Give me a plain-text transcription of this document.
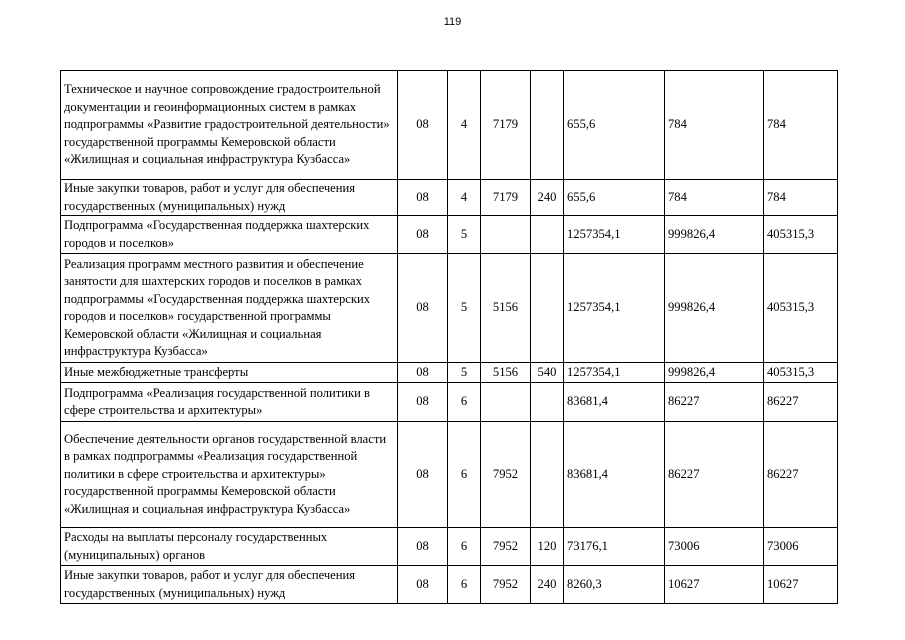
119
Техническое и научное сопровождение градостроительной документации и геоинформационных систем в рамках подпрограммы «Развитие градостроительной деятельности» государственной программы Кемеровской области «Жилищная и социальная инфраструктура Кузбасса»	08	4	7179		655,6	784	784
Иные закупки товаров, работ и услуг для обеспечения государственных (муниципальных) нужд	08	4	7179	240	655,6	784	784
Подпрограмма «Государственная поддержка шахтерских городов и поселков»	08	5			1257354,1	999826,4	405315,3
Реализация программ местного развития и обеспечение занятости для шахтерских городов и поселков в рамках подпрограммы «Государственная поддержка шахтерских городов и поселков» государственной программы Кемеровской области «Жилищная и социальная инфраструктура Кузбасса»	08	5	5156		1257354,1	999826,4	405315,3
Иные межбюджетные трансферты	08	5	5156	540	1257354,1	999826,4	405315,3
Подпрограмма «Реализация государственной политики в сфере строительства и архитектуры»	08	6			83681,4	86227	86227
Обеспечение деятельности органов государственной власти в рамках подпрограммы «Реализация государственной политики в сфере строительства и архитектуры» государственной программы Кемеровской области «Жилищная и социальная инфраструктура Кузбасса»	08	6	7952		83681,4	86227	86227
Расходы на выплаты персоналу государственных (муниципальных) органов	08	6	7952	120	73176,1	73006	73006
Иные закупки товаров, работ и услуг для обеспечения государственных (муниципальных) нужд	08	6	7952	240	8260,3	10627	10627
